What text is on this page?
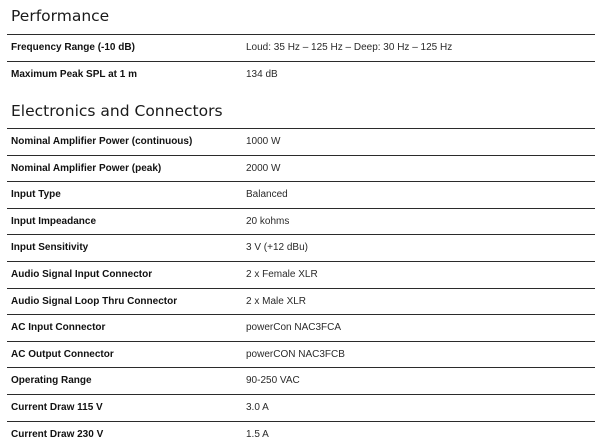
Performance
Frequency Range (-10 dB)	Loud: 35 Hz – 125 Hz – Deep: 30 Hz – 125 Hz
Maximum Peak SPL at 1 m	134 dB
Electronics and Connectors
Nominal Amplifier Power (continuous)	1000 W
Nominal Amplifier Power (peak)	2000 W
Input Type	Balanced
Input Impeadance	20 kohms
Input Sensitivity	3 V (+12 dBu)
Audio Signal Input Connector	2 x Female XLR
Audio Signal Loop Thru Connector	2 x Male XLR
AC Input Connector	powerCon NAC3FCA
AC Output Connector	powerCON NAC3FCB
Operating Range	90-250 VAC
Current Draw 115 V	3.0 A
Current Draw 230 V	1.5 A
